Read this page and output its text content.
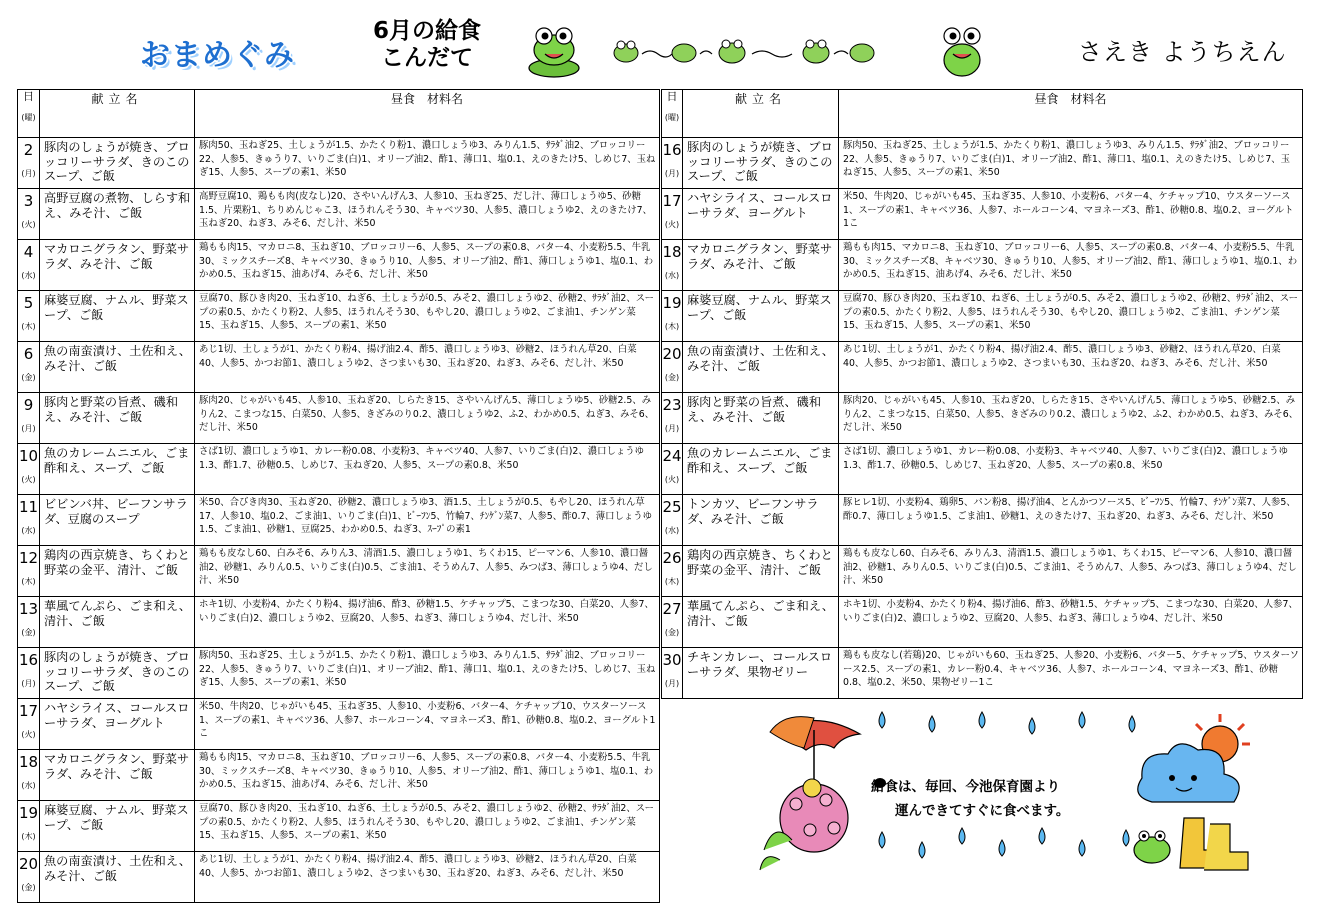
おまめぐみ
6月の給食
こんだて	さえき ようちえん
日
(曜)	献立名	昼食　材料名

2
(月)	豚肉のしょうが焼き、ブロッコリーサラダ、きのこのスープ、ご飯	豚肉50、玉ねぎ25、土しょうが1.5、かたくり粉1、濃口しょうゆ3、みりん1.5、ｻﾗﾀﾞ油2、ブロッコリー22、人参5、きゅうり7、いりごま(白)1、オリーブ油2、酢1、薄口1、塩0.1、えのきたけ5、しめじ7、玉ねぎ15、人参5、スープの素1、米50

3
(火)	高野豆腐の煮物、しらす和え、みそ汁、ご飯	高野豆腐10、鶏もも肉(皮なし)20、さやいんげん3、人参10、玉ねぎ25、だし汁、薄口しょうゆ5、砂糖1.5、片栗粉1、ちりめんじゃこ3、ほうれんそう30、キャベツ30、人参5、濃口しょうゆ2、えのきたけ7、玉ねぎ20、ねぎ3、みそ6、だし汁、米50

4
(水)	マカロニグラタン、野菜サラダ、みそ汁、ご飯	鶏もも肉15、マカロニ8、玉ねぎ10、ブロッコリー6、人参5、スープの素0.8、バター4、小麦粉5.5、牛乳30、ミックスチーズ8、キャベツ30、きゅうり10、人参5、オリーブ油2、酢1、薄口しょうゆ1、塩0.1、わかめ0.5、玉ねぎ15、油あげ4、みそ6、だし汁、米50

5
(木)	麻婆豆腐、ナムル、野菜スープ、ご飯	豆腐70、豚ひき肉20、玉ねぎ10、ねぎ6、土しょうが0.5、みそ2、濃口しょうゆ2、砂糖2、ｻﾗﾀﾞ油2、スープの素0.5、かたくり粉2、人参5、ほうれんそう30、もやし20、濃口しょうゆ2、ごま油1、チンゲン菜15、玉ねぎ15、人参5、スープの素1、米50

6
(金)	魚の南蛮漬け、土佐和え、みそ汁、ご飯	あじ1切、土しょうが1、かたくり粉4、揚げ油2.4、酢5、濃口しょうゆ3、砂糖2、ほうれん草20、白菜40、人参5、かつお節1、濃口しょうゆ2、さつまいも30、玉ねぎ20、ねぎ3、みそ6、だし汁、米50

9
(月)	豚肉と野菜の旨煮、磯和え、みそ汁、ご飯	豚肉20、じゃがいも45、人参10、玉ねぎ20、しらたき15、さやいんげん5、薄口しょうゆ5、砂糖2.5、みりん2、こまつな15、白菜50、人参5、きざみのり0.2、濃口しょうゆ2、ふ2、わかめ0.5、ねぎ3、みそ6、だし汁、米50

10
(火)	魚のカレームニエル、ごま酢和え、スープ、ご飯	さば1切、濃口しょうゆ1、カレー粉0.08、小麦粉3、キャベツ40、人参7、いりごま(白)2、濃口しょうゆ1.3、酢1.7、砂糖0.5、しめじ7、玉ねぎ20、人参5、スープの素0.8、米50

11
(水)	ビビンバ丼、ビーフンサラダ、豆腐のスープ	米50、合びき肉30、玉ねぎ20、砂糖2、濃口しょうゆ3、酒1.5、土しょうが0.5、もやし20、ほうれん草17、人参10、塩0.2、ごま油1、いりごま(白)1、ﾋﾞｰﾌﾝ5、竹輪7、ﾁﾝｹﾞﾝ菜7、人参5、酢0.7、薄口しょうゆ1.5、ごま油1、砂糖1、豆腐25、わかめ0.5、ねぎ3、ｽｰﾌﾟの素1

12
(木)	鶏肉の西京焼き、ちくわと野菜の金平、清汁、ご飯	鶏もも皮なし60、白みそ6、みりん3、清酒1.5、濃口しょうゆ1、ちくわ15、ピーマン6、人参10、濃口醤油2、砂糖1、みりん0.5、いりごま(白)0.5、ごま油1、そうめん7、人参5、みつば3、薄口しょうゆ4、だし汁、米50

13
(金)	華風てんぷら、ごま和え、清汁、ご飯	ホキ1切、小麦粉4、かたくり粉4、揚げ油6、酢3、砂糖1.5、ケチャップ5、こまつな30、白菜20、人参7、いりごま(白)2、濃口しょうゆ2、豆腐20、人参5、ねぎ3、薄口しょうゆ4、だし汁、米50

16
(月)	豚肉のしょうが焼き、ブロッコリーサラダ、きのこのスープ、ご飯	豚肉50、玉ねぎ25、土しょうが1.5、かたくり粉1、濃口しょうゆ3、みりん1.5、ｻﾗﾀﾞ油2、ブロッコリー22、人参5、きゅうり7、いりごま(白)1、オリーブ油2、酢1、薄口1、塩0.1、えのきたけ5、しめじ7、玉ねぎ15、人参5、スープの素1、米50

17
(火)	ハヤシライス、コールスローサラダ、ヨーグルト	米50、牛肉20、じゃがいも45、玉ねぎ35、人参10、小麦粉6、バター4、ケチャップ10、ウスターソース1、スープの素1、キャベツ36、人参7、ホールコーン4、マヨネーズ3、酢1、砂糖0.8、塩0.2、ヨーグルト1こ

18
(水)	マカロニグラタン、野菜サラダ、みそ汁、ご飯	鶏もも肉15、マカロニ8、玉ねぎ10、ブロッコリー6、人参5、スープの素0.8、バター4、小麦粉5.5、牛乳30、ミックスチーズ8、キャベツ30、きゅうり10、人参5、オリーブ油2、酢1、薄口しょうゆ1、塩0.1、わかめ0.5、玉ねぎ15、油あげ4、みそ6、だし汁、米50

19
(木)	麻婆豆腐、ナムル、野菜スープ、ご飯	豆腐70、豚ひき肉20、玉ねぎ10、ねぎ6、土しょうが0.5、みそ2、濃口しょうゆ2、砂糖2、ｻﾗﾀﾞ油2、スープの素0.5、かたくり粉2、人参5、ほうれんそう30、もやし20、濃口しょうゆ2、ごま油1、チンゲン菜15、玉ねぎ15、人参5、スープの素1、米50

20
(金)	魚の南蛮漬け、土佐和え、みそ汁、ご飯	あじ1切、土しょうが1、かたくり粉4、揚げ油2.4、酢5、濃口しょうゆ3、砂糖2、ほうれん草20、白菜40、人参5、かつお節1、濃口しょうゆ2、さつまいも30、玉ねぎ20、ねぎ3、みそ6、だし汁、米50
日
(曜)	献立名	昼食　材料名

16
(月)	豚肉のしょうが焼き、ブロッコリーサラダ、きのこのスープ、ご飯	豚肉50、玉ねぎ25、土しょうが1.5、かたくり粉1、濃口しょうゆ3、みりん1.5、ｻﾗﾀﾞ油2、ブロッコリー22、人参5、きゅうり7、いりごま(白)1、オリーブ油2、酢1、薄口1、塩0.1、えのきたけ5、しめじ7、玉ねぎ15、人参5、スープの素1、米50

17
(火)	ハヤシライス、コールスローサラダ、ヨーグルト	米50、牛肉20、じゃがいも45、玉ねぎ35、人参10、小麦粉6、バター4、ケチャップ10、ウスターソース1、スープの素1、キャベツ36、人参7、ホールコーン4、マヨネーズ3、酢1、砂糖0.8、塩0.2、ヨーグルト1こ

18
(水)	マカロニグラタン、野菜サラダ、みそ汁、ご飯	鶏もも肉15、マカロニ8、玉ねぎ10、ブロッコリー6、人参5、スープの素0.8、バター4、小麦粉5.5、牛乳30、ミックスチーズ8、キャベツ30、きゅうり10、人参5、オリーブ油2、酢1、薄口しょうゆ1、塩0.1、わかめ0.5、玉ねぎ15、油あげ4、みそ6、だし汁、米50

19
(木)	麻婆豆腐、ナムル、野菜スープ、ご飯	豆腐70、豚ひき肉20、玉ねぎ10、ねぎ6、土しょうが0.5、みそ2、濃口しょうゆ2、砂糖2、ｻﾗﾀﾞ油2、スープの素0.5、かたくり粉2、人参5、ほうれんそう30、もやし20、濃口しょうゆ2、ごま油1、チンゲン菜15、玉ねぎ15、人参5、スープの素1、米50

20
(金)	魚の南蛮漬け、土佐和え、みそ汁、ご飯	あじ1切、土しょうが1、かたくり粉4、揚げ油2.4、酢5、濃口しょうゆ3、砂糖2、ほうれん草20、白菜40、人参5、かつお節1、濃口しょうゆ2、さつまいも30、玉ねぎ20、ねぎ3、みそ6、だし汁、米50

23
(月)	豚肉と野菜の旨煮、磯和え、みそ汁、ご飯	豚肉20、じゃがいも45、人参10、玉ねぎ20、しらたき15、さやいんげん5、薄口しょうゆ5、砂糖2.5、みりん2、こまつな15、白菜50、人参5、きざみのり0.2、濃口しょうゆ2、ふ2、わかめ0.5、ねぎ3、みそ6、だし汁、米50

24
(火)	魚のカレームニエル、ごま酢和え、スープ、ご飯	さば1切、濃口しょうゆ1、カレー粉0.08、小麦粉3、キャベツ40、人参7、いりごま(白)2、濃口しょうゆ1.3、酢1.7、砂糖0.5、しめじ7、玉ねぎ20、人参5、スープの素0.8、米50

25
(水)	トンカツ、ビーフンサラダ、みそ汁、ご飯	豚ヒレ1切、小麦粉4、鶏卵5、パン粉8、揚げ油4、とんかつソース5、ﾋﾞｰﾌﾝ5、竹輪7、ﾁﾝｹﾞﾝ菜7、人参5、酢0.7、薄口しょうゆ1.5、ごま油1、砂糖1、えのきたけ7、玉ねぎ20、ねぎ3、みそ6、だし汁、米50

26
(木)	鶏肉の西京焼き、ちくわと野菜の金平、清汁、ご飯	鶏もも皮なし60、白みそ6、みりん3、清酒1.5、濃口しょうゆ1、ちくわ15、ピーマン6、人参10、濃口醤油2、砂糖1、みりん0.5、いりごま(白)0.5、ごま油1、そうめん7、人参5、みつば3、薄口しょうゆ4、だし汁、米50

27
(金)	華風てんぷら、ごま和え、清汁、ご飯	ホキ1切、小麦粉4、かたくり粉4、揚げ油6、酢3、砂糖1.5、ケチャップ5、こまつな30、白菜20、人参7、いりごま(白)2、濃口しょうゆ2、豆腐20、人参5、ねぎ3、薄口しょうゆ4、だし汁、米50

30
(月)	チキンカレー、コールスローサラダ、果物ゼリー	鶏もも皮なし(若鶏)20、じゃがいも60、玉ねぎ25、人参20、小麦粉6、バター5、ケチャップ5、ウスターソース2.5、スープの素1、カレー粉0.4、キャベツ36、人参7、ホールコーン4、マヨネーズ3、酢1、砂糖0.8、塩0.2、米50、果物ゼリー1こ
給食は、毎回、今池保育園より
運んできてすぐに食べます。
